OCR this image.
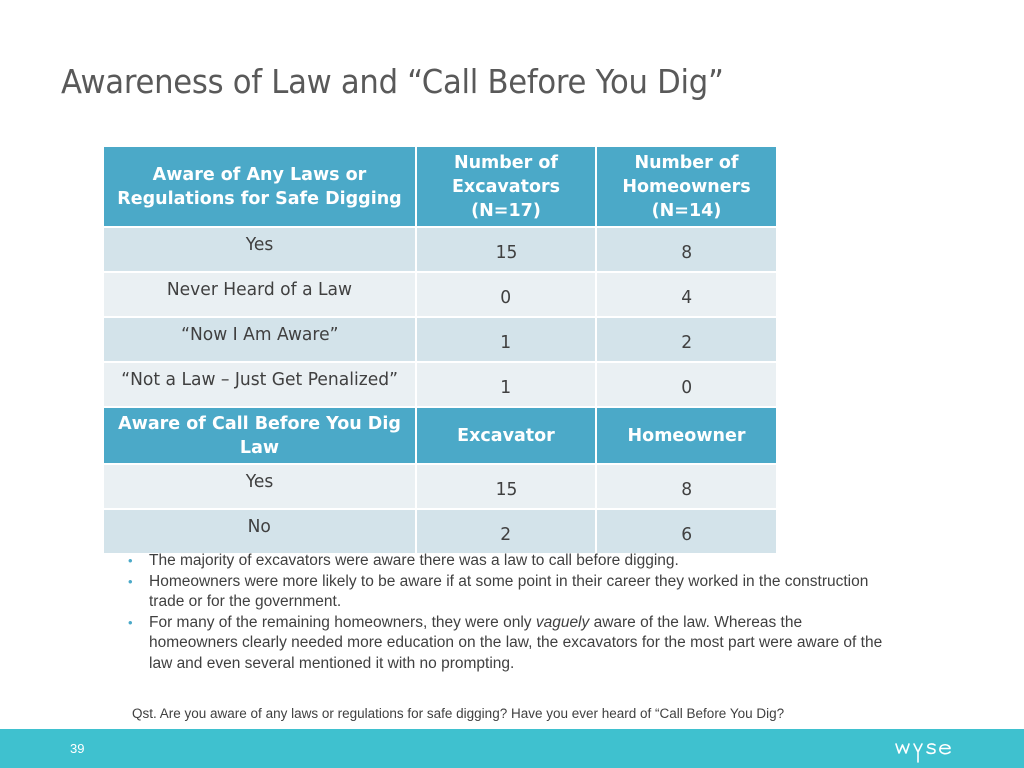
Awareness of Law and “Call Before You Dig”
Aware of Any Laws or Regulations for Safe Digging	Number of Excavators (N=17)	Number of Homeowners (N=14)
Yes	15	8
Never Heard of a Law	0	4
“Now I Am Aware”	1	2
“Not a Law – Just Get Penalized”	1	0
Aware of Call Before You Dig Law	Excavator	Homeowner
Yes	15	8
No	2	6
• The majority of excavators were aware there was a law to call before digging.
• Homeowners were more likely to be aware if at some point in their career they worked in the construction trade or for the government.
• For many of the remaining homeowners, they were only vaguely aware of the law. Whereas the homeowners clearly needed more education on the law, the excavators for the most part were aware of the law and even several mentioned it with no prompting.
Qst. Are you aware of any laws or regulations for safe digging? Have you ever heard of “Call Before You Dig?
39
